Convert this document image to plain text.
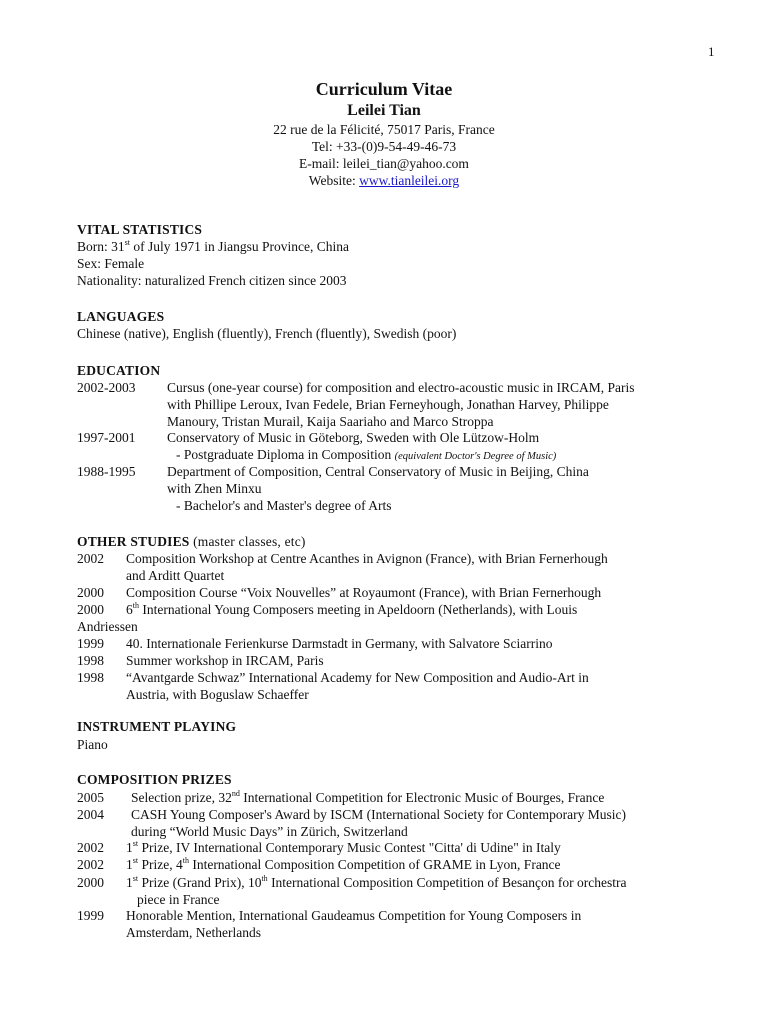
1
Curriculum Vitae
Leilei Tian
22 rue de la Félicité, 75017 Paris, France
Tel: +33-(0)9-54-49-46-73
E-mail: leilei_tian@yahoo.com
Website: www.tianleilei.org
VITAL STATISTICS
Born: 31st of July 1971 in Jiangsu Province, China
Sex: Female
Nationality: naturalized French citizen since 2003
LANGUAGES
Chinese (native), English (fluently), French (fluently), Swedish (poor)
EDUCATION
2002-2003 Cursus (one-year course) for composition and electro-acoustic music in IRCAM, Paris
with Phillipe Leroux, Ivan Fedele, Brian Ferneyhough, Jonathan Harvey, Philippe
Manoury, Tristan Murail, Kaija Saariaho and Marco Stroppa
1997-2001 Conservatory of Music in Göteborg, Sweden with Ole Lützow-Holm
- Postgraduate Diploma in Composition (equivalent Doctor's Degree of Music)
1988-1995 Department of Composition, Central Conservatory of Music in Beijing, China
with Zhen Minxu
- Bachelor's and Master's degree of Arts
OTHER STUDIES (master classes, etc)
2002 Composition Workshop at Centre Acanthes in Avignon (France), with Brian Fernerhough
and Arditt Quartet
2000 Composition Course “Voix Nouvelles” at Royaumont (France), with Brian Fernerhough
2000 6th International Young Composers meeting in Apeldoorn (Netherlands), with Louis
Andriessen
1999 40. Internationale Ferienkurse Darmstadt in Germany, with Salvatore Sciarrino
1998 Summer workshop in IRCAM, Paris
1998 “Avantgarde Schwaz” International Academy for New Composition and Audio-Art in
Austria, with Boguslaw Schaeffer
INSTRUMENT PLAYING
Piano
COMPOSITION PRIZES
2005 Selection prize, 32nd International Competition for Electronic Music of Bourges, France
2004 CASH Young Composer's Award by ISCM (International Society for Contemporary Music)
during “World Music Days” in Zürich, Switzerland
2002 1st Prize, IV International Contemporary Music Contest "Citta' di Udine" in Italy
2002 1st Prize, 4th International Composition Competition of GRAME in Lyon, France
2000 1st Prize (Grand Prix), 10th International Composition Competition of Besançon for orchestra
piece in France
1999 Honorable Mention, International Gaudeamus Competition for Young Composers in
Amsterdam, Netherlands
